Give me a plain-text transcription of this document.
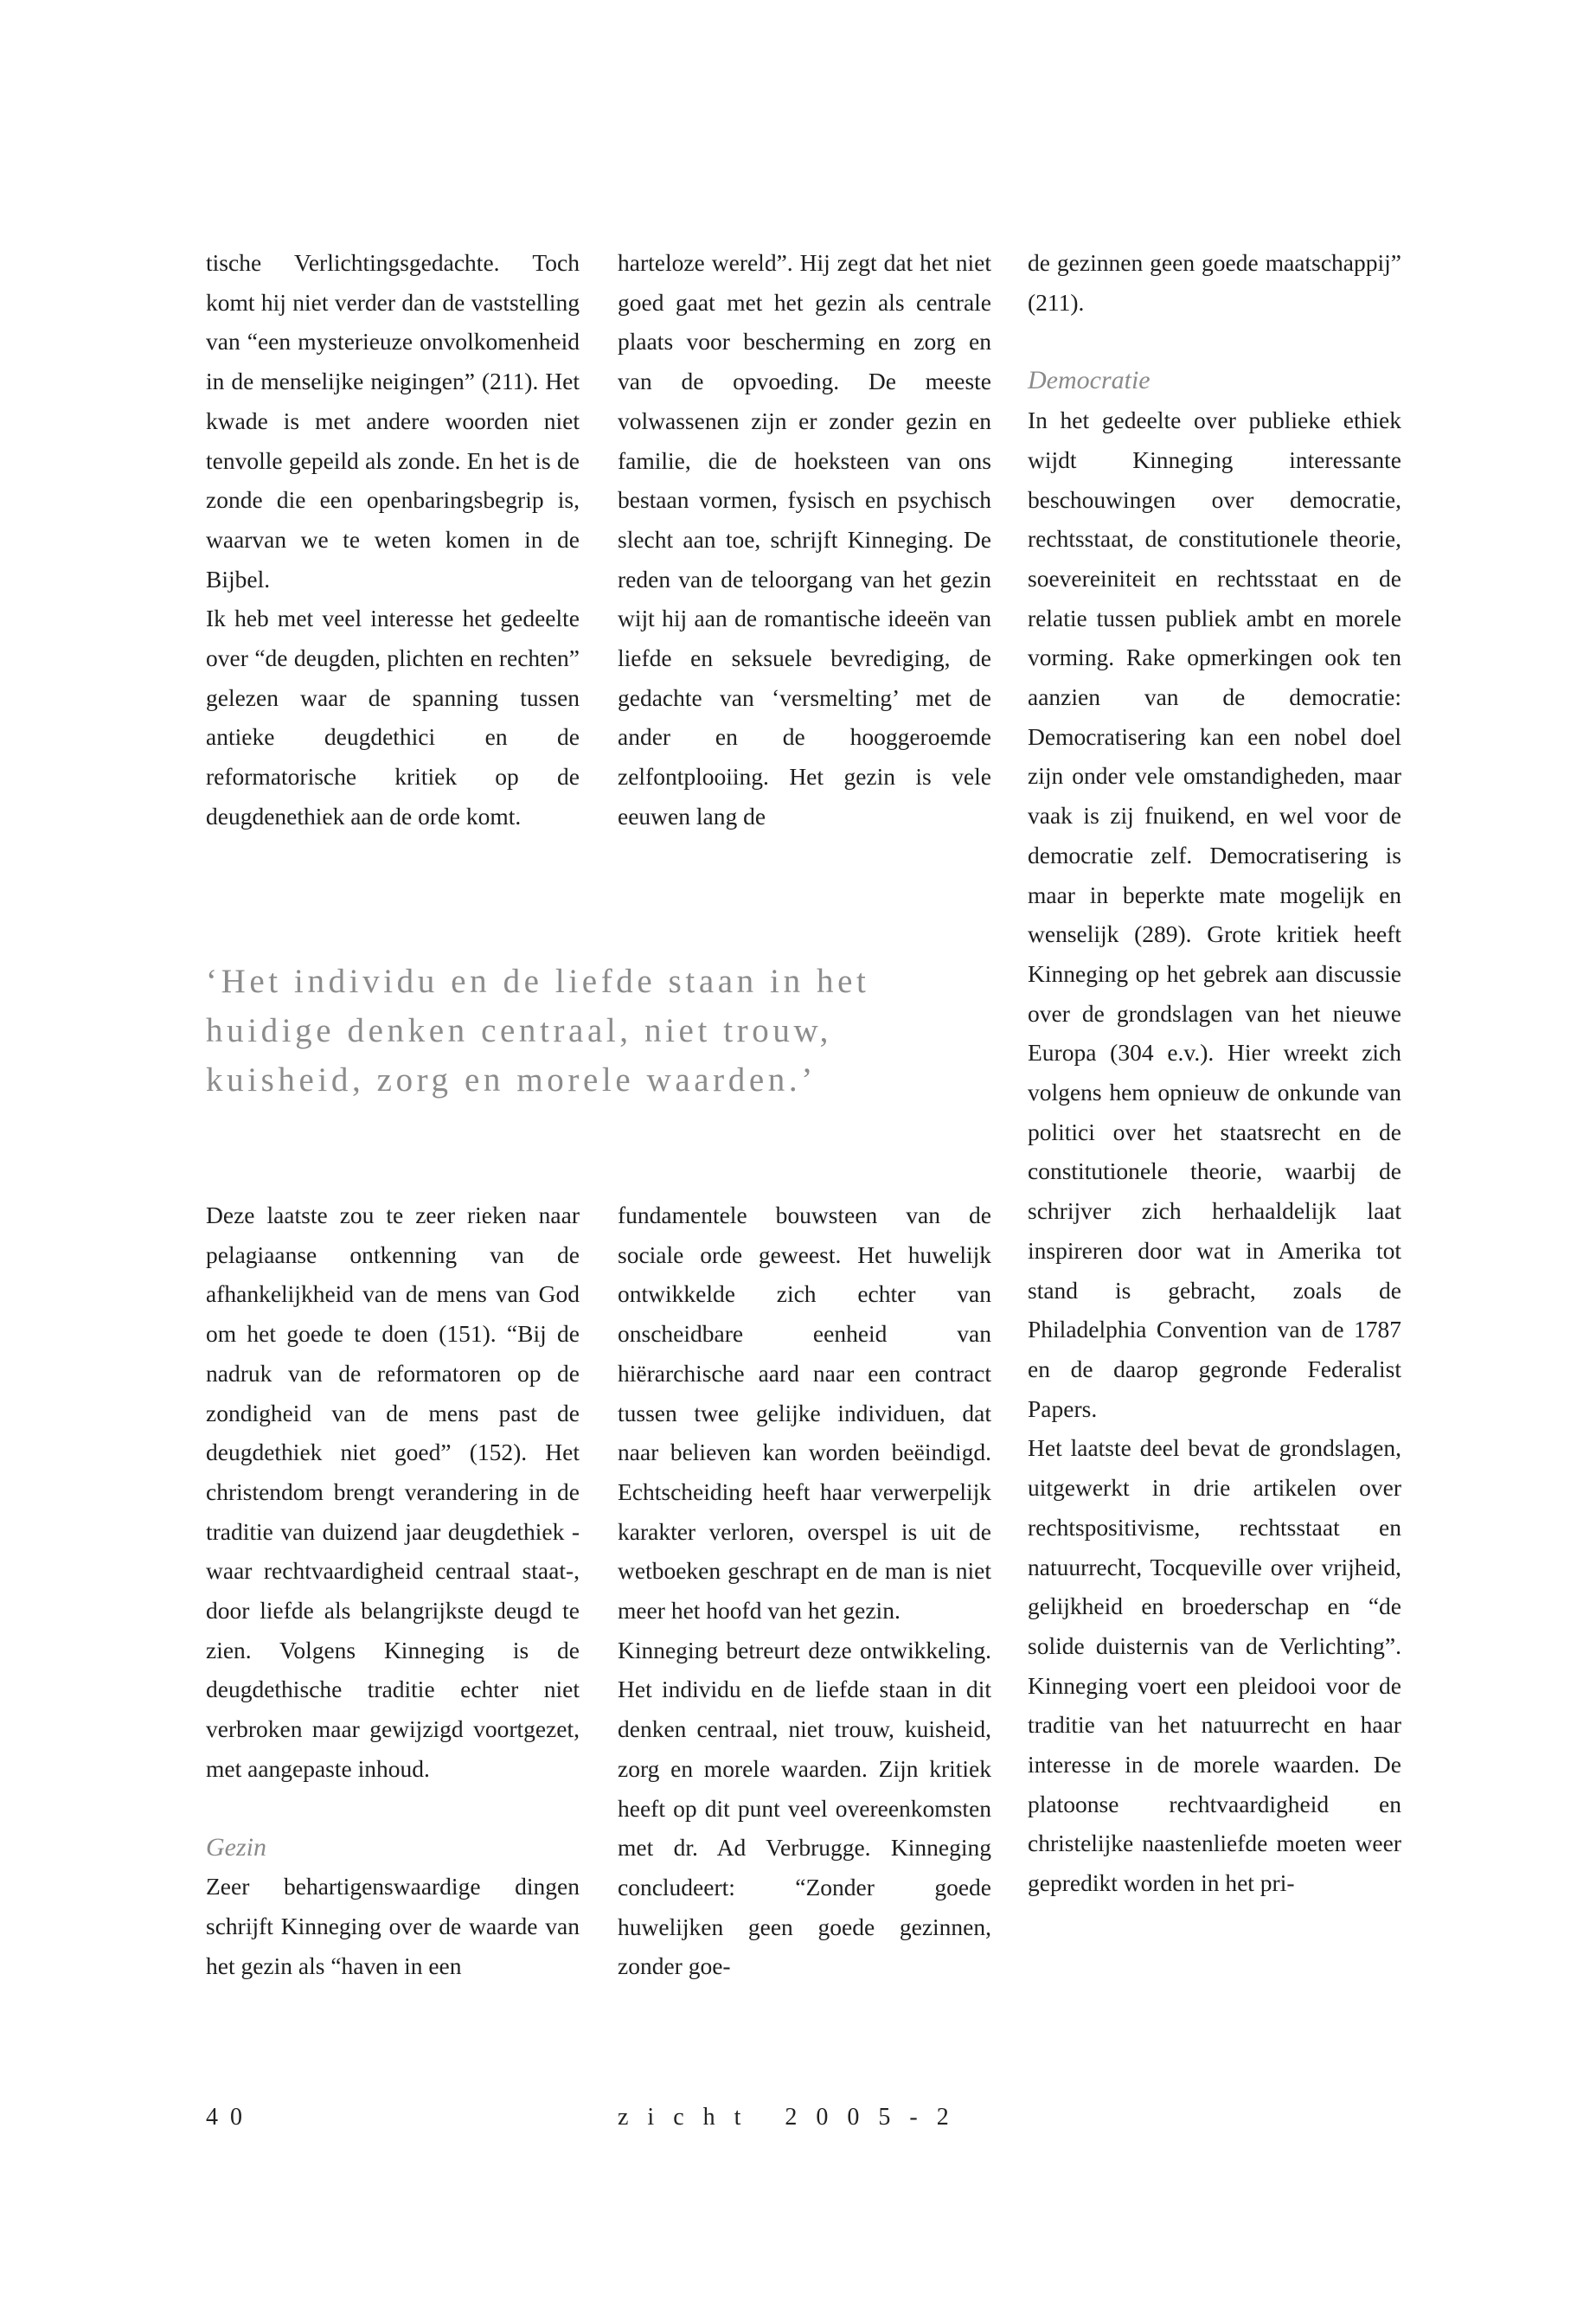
tische Verlichtingsgedachte. Toch komt hij niet verder dan de vaststelling van “een mysterieuze onvolkomenheid in de menselijke neigingen” (211). Het kwade is met andere woorden niet tenvolle gepeild als zonde. En het is de zonde die een openbaringsbegrip is, waarvan we te weten komen in de Bijbel.

Ik heb met veel interesse het gedeelte over “de deugden, plichten en rechten” gelezen waar de spanning tussen antieke deugdethici en de reformatorische kritiek op de deugdenethiek aan de orde komt.

harteloze wereld”. Hij zegt dat het niet goed gaat met het gezin als centrale plaats voor bescherming en zorg en van de opvoeding. De meeste volwassenen zijn er zonder gezin en familie, die de hoeksteen van ons bestaan vormen, fysisch en psychisch slecht aan toe, schrijft Kinneging. De reden van de teloorgang van het gezin wijt hij aan de romantische ideeën van liefde en seksuele bevrediging, de gedachte van ‘versmelting’ met de ander en de hooggeroemde zelfontplooiing. Het gezin is vele eeuwen lang de

de gezinnen geen goede maatschappij” (211).

Democratie

In het gedeelte over publieke ethiek wijdt Kinneging interessante beschouwingen over democratie, rechtsstaat, de constitutionele theorie, soevereiniteit en rechtsstaat en de relatie tussen publiek ambt en morele vorming. Rake opmerkingen ook ten aanzien van de democratie: Democratisering kan een nobel doel zijn onder vele omstandigheden, maar vaak is zij fnuikend, en wel voor de democratie zelf. Democratisering is maar in beperkte mate mogelijk en wenselijk (289). Grote kritiek heeft Kinneging op het gebrek aan discussie over de grondslagen van het nieuwe Europa (304 e.v.). Hier wreekt zich volgens hem opnieuw de onkunde van politici over het staatsrecht en de constitutionele theorie, waarbij de schrijver zich herhaaldelijk laat inspireren door wat in Amerika tot stand is gebracht, zoals de Philadelphia Convention van de 1787 en de daarop gegronde Federalist Papers.

Het laatste deel bevat de grondslagen, uitgewerkt in drie artikelen over rechtspositivisme, rechtsstaat en natuurrecht, Tocqueville over vrijheid, gelijkheid en broederschap en “de solide duisternis van de Verlichting”. Kinneging voert een pleidooi voor de traditie van het natuurrecht en haar interesse in de morele waarden. De platoonse rechtvaardigheid en christelijke naastenliefde moeten weer gepredikt worden in het pri-

‘Het individu en de liefde staan in het huidige denken centraal, niet trouw, kuisheid, zorg en morele waarden.’

Deze laatste zou te zeer rieken naar pelagiaanse ontkenning van de afhankelijkheid van de mens van God om het goede te doen (151). “Bij de nadruk van de reformatoren op de zondigheid van de mens past de deugdethiek niet goed” (152). Het christendom brengt verandering in de traditie van duizend jaar deugdethiek -waar rechtvaardigheid centraal staat-, door liefde als belangrijkste deugd te zien. Volgens Kinneging is de deugdethische traditie echter niet verbroken maar gewijzigd voortgezet, met aangepaste inhoud.

Gezin

Zeer behartigenswaardige dingen schrijft Kinneging over de waarde van het gezin als “haven in een

fundamentele bouwsteen van de sociale orde geweest. Het huwelijk ontwikkelde zich echter van onscheidbare eenheid van hiërarchische aard naar een contract tussen twee gelijke individuen, dat naar believen kan worden beëindigd. Echtscheiding heeft haar verwerpelijk karakter verloren, overspel is uit de wetboeken geschrapt en de man is niet meer het hoofd van het gezin.

Kinneging betreurt deze ontwikkeling. Het individu en de liefde staan in dit denken centraal, niet trouw, kuisheid, zorg en morele waarden. Zijn kritiek heeft op dit punt veel overeenkomsten met dr. Ad Verbrugge. Kinneging concludeert: “Zonder goede huwelijken geen goede gezinnen, zonder goe-

40	zicht 2005-2
